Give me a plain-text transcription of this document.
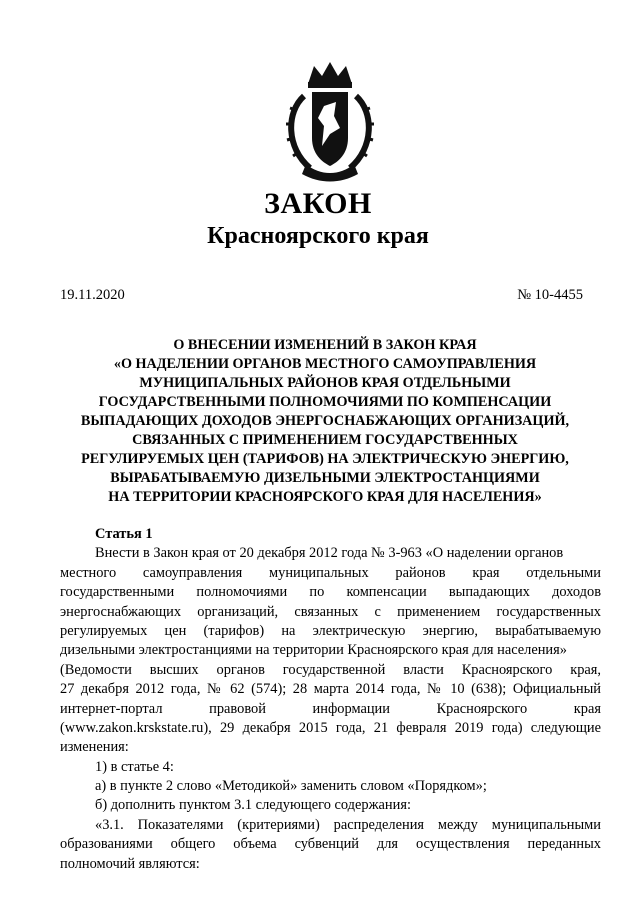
ЗАКОН
Красноярского края
19.11.2020	№ 10-4455
О ВНЕСЕНИИ ИЗМЕНЕНИЙ В ЗАКОН КРАЯ
«О НАДЕЛЕНИИ ОРГАНОВ МЕСТНОГО САМОУПРАВЛЕНИЯ
МУНИЦИПАЛЬНЫХ РАЙОНОВ КРАЯ ОТДЕЛЬНЫМИ
ГОСУДАРСТВЕННЫМИ ПОЛНОМОЧИЯМИ ПО КОМПЕНСАЦИИ
ВЫПАДАЮЩИХ ДОХОДОВ ЭНЕРГОСНАБЖАЮЩИХ ОРГАНИЗАЦИЙ,
СВЯЗАННЫХ С ПРИМЕНЕНИЕМ ГОСУДАРСТВЕННЫХ
РЕГУЛИРУЕМЫХ ЦЕН (ТАРИФОВ) НА ЭЛЕКТРИЧЕСКУЮ ЭНЕРГИЮ,
ВЫРАБАТЫВАЕМУЮ ДИЗЕЛЬНЫМИ ЭЛЕКТРОСТАНЦИЯМИ
НА ТЕРРИТОРИИ КРАСНОЯРСКОГО КРАЯ ДЛЯ НАСЕЛЕНИЯ»
Статья 1
Внести в Закон края от 20 декабря 2012 года № 3-963 «О наделении органов
местного самоуправления муниципальных районов края отдельными
государственными полномочиями по компенсации выпадающих доходов
энергоснабжающих организаций, связанных с применением государственных
регулируемых цен (тарифов) на электрическую энергию, вырабатываемую
дизельными электростанциями на территории Красноярского края для населения»
(Ведомости высших органов государственной власти Красноярского края,
27 декабря 2012 года, № 62 (574); 28 марта 2014 года, № 10 (638); Официальный
интернет-портал правовой информации Красноярского края
(www.zakon.krskstate.ru), 29 декабря 2015 года, 21 февраля 2019 года) следующие
изменения:
1) в статье 4:
а) в пункте 2 слово «Методикой» заменить словом «Порядком»;
б) дополнить пунктом 3.1 следующего содержания:
«3.1. Показателями (критериями) распределения между муниципальными
образованиями общего объема субвенций для осуществления переданных
полномочий являются:
